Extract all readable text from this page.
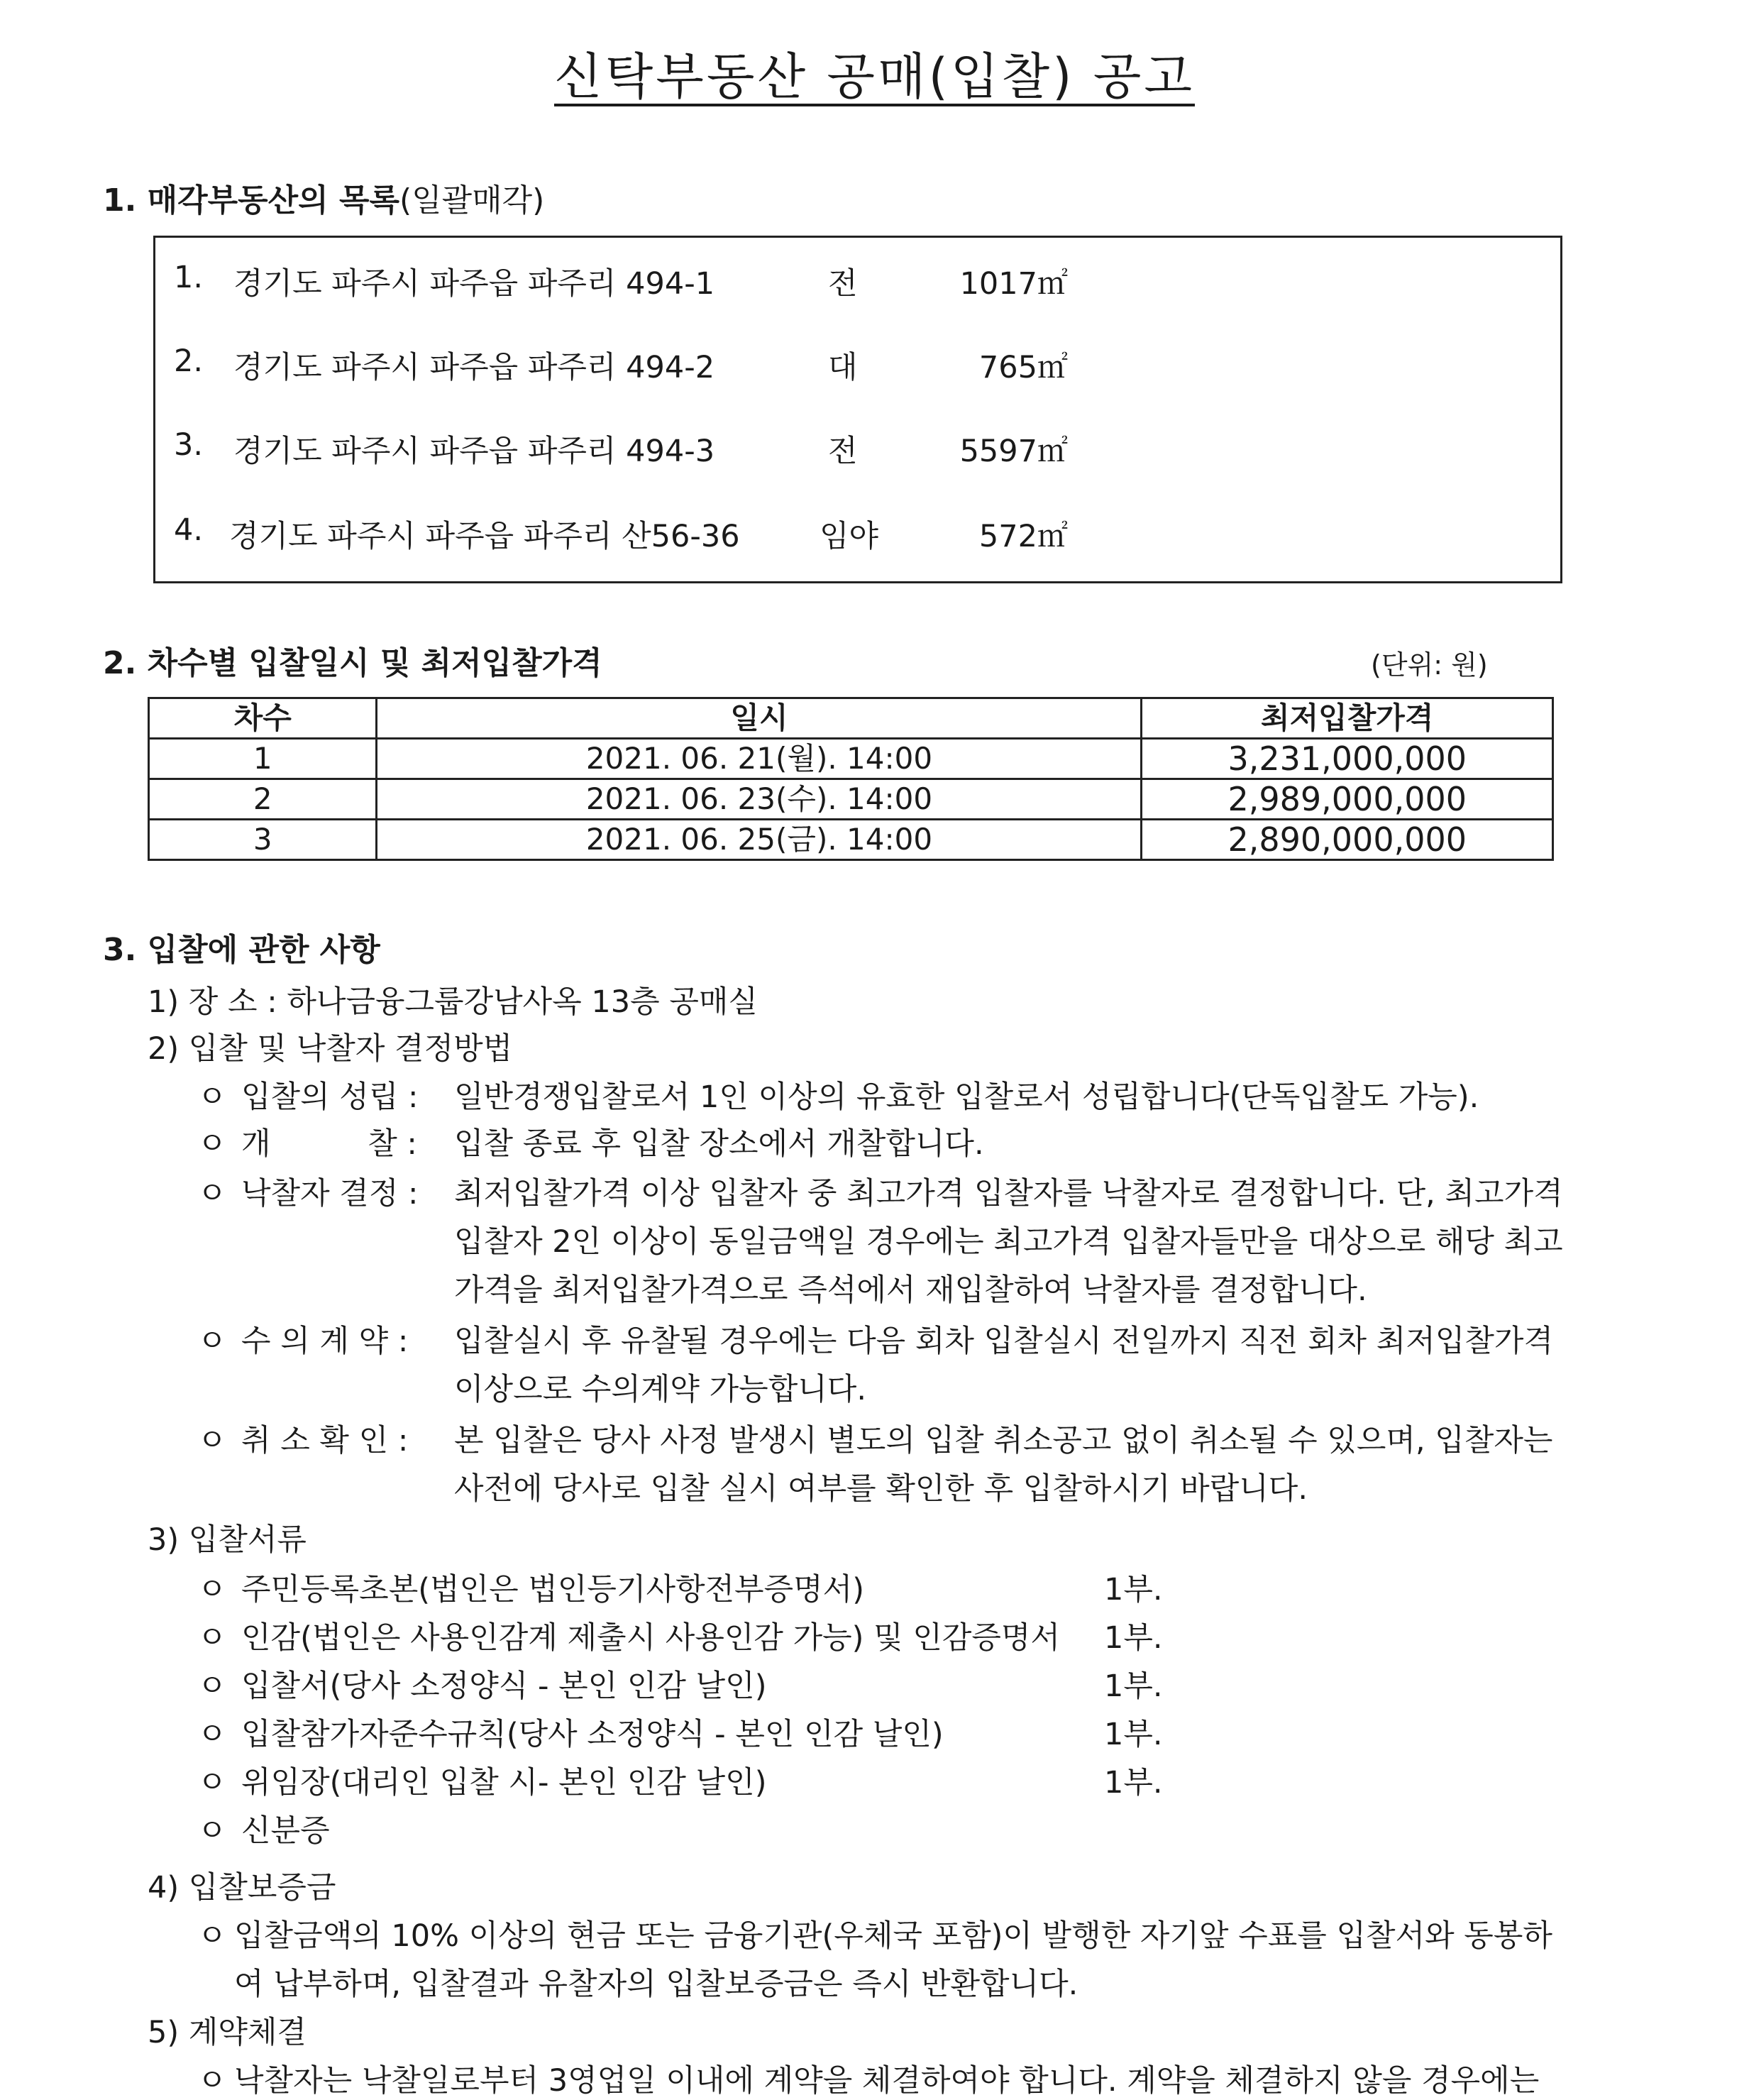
신탁부동산 공매(입찰) 공고
1. 매각부동산의 목록(일괄매각)
1. 경기도 파주시 파주읍 파주리 494-1	전	1017㎡
2. 경기도 파주시 파주읍 파주리 494-2	대	765㎡
3. 경기도 파주시 파주읍 파주리 494-3	전	5597㎡
4. 경기도 파주시 파주읍 파주리 산56-36	임야	572㎡
2. 차수별 입찰일시 및 최저입찰가격	(단위: 원)
차수	일시	최저입찰가격
1	2021. 06. 21(월). 14:00	3,231,000,000
2	2021. 06. 23(수). 14:00	2,989,000,000
3	2021. 06. 25(금). 14:00	2,890,000,000
3. 입찰에 관한 사항
1) 장 소 : 하나금융그룹강남사옥 13층 공매실
2) 입찰 및 낙찰자 결정방법
ㅇ 입찰의 성립 : 일반경쟁입찰로서 1인 이상의 유효한 입찰로서 성립합니다(단독입찰도 가능).
ㅇ 개          찰 : 입찰 종료 후 입찰 장소에서 개찰합니다.
ㅇ 낙찰자 결정 : 최저입찰가격 이상 입찰자 중 최고가격 입찰자를 낙찰자로 결정합니다. 단, 최고가격
입찰자 2인 이상이 동일금액일 경우에는 최고가격 입찰자들만을 대상으로 해당 최고
가격을 최저입찰가격으로 즉석에서 재입찰하여 낙찰자를 결정합니다.
ㅇ 수 의 계 약 : 입찰실시 후 유찰될 경우에는 다음 회차 입찰실시 전일까지 직전 회차 최저입찰가격
이상으로 수의계약 가능합니다.
ㅇ 취 소 확 인 : 본 입찰은 당사 사정 발생시 별도의 입찰 취소공고 없이 취소될 수 있으며, 입찰자는
사전에 당사로 입찰 실시 여부를 확인한 후 입찰하시기 바랍니다.
3) 입찰서류
ㅇ 주민등록초본(법인은 법인등기사항전부증명서)	1부.
ㅇ 인감(법인은 사용인감계 제출시 사용인감 가능) 및 인감증명서 1부.
ㅇ 입찰서(당사 소정양식 - 본인 인감 날인)	1부.
ㅇ 입찰참가자준수규칙(당사 소정양식 - 본인 인감 날인)	1부.
ㅇ 위임장(대리인 입찰 시- 본인 인감 날인)	1부.
ㅇ 신분증
4) 입찰보증금
ㅇ 입찰금액의 10% 이상의 현금 또는 금융기관(우체국 포함)이 발행한 자기앞 수표를 입찰서와 동봉하
여 납부하며, 입찰결과 유찰자의 입찰보증금은 즉시 반환합니다.
5) 계약체결
ㅇ 낙찰자는 낙찰일로부터 3영업일 이내에 계약을 체결하여야 합니다. 계약을 체결하지 않을 경우에는
